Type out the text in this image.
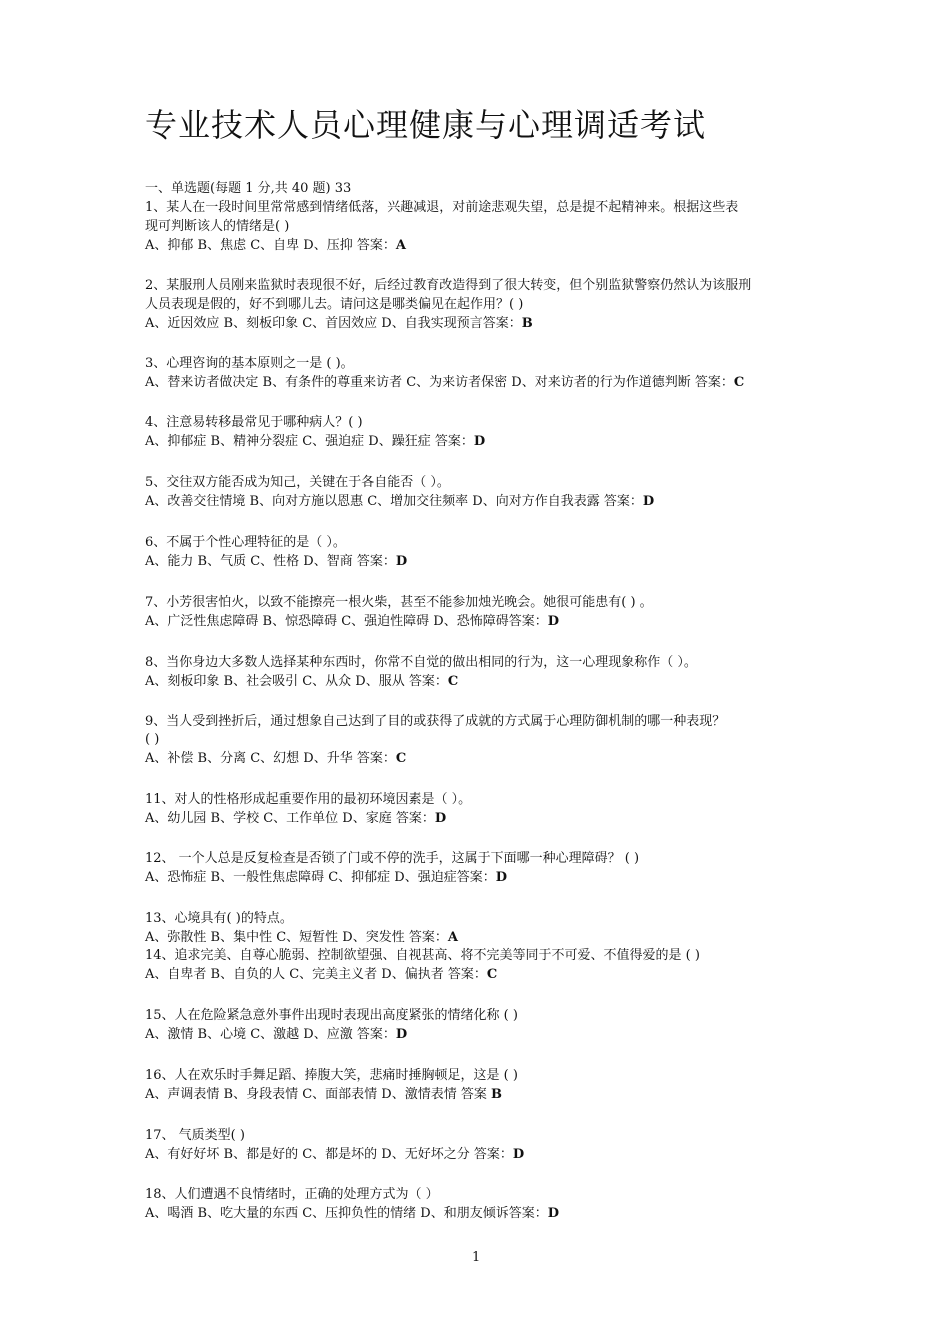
专业技术人员心理健康与心理调适考试
一、单选题(每题 1 分,共 40 题) 33
1、某人在一段时间里常常感到情绪低落，兴趣减退，对前途悲观失望，总是提不起精神来。根据这些表
现可判断该人的情绪是( )
A、抑郁 B、焦虑 C、自卑 D、压抑 答案：A
2、某服刑人员刚来监狱时表现很不好，后经过教育改造得到了很大转变，但个别监狱警察仍然认为该服刑
人员表现是假的，好不到哪儿去。请问这是哪类偏见在起作用？( )
A、近因效应 B、刻板印象 C、首因效应 D、自我实现预言答案：B
3、心理咨询的基本原则之一是 ( )。
A、替来访者做决定 B、有条件的尊重来访者 C、为来访者保密 D、对来访者的行为作道德判断 答案：C
4、注意易转移最常见于哪种病人？( )
A、抑郁症 B、精神分裂症 C、强迫症 D、躁狂症 答案：D
5、交往双方能否成为知己，关键在于各自能否（ ）。
A、改善交往情境 B、向对方施以恩惠 C、增加交往频率 D、向对方作自我表露 答案：D
6、不属于个性心理特征的是（ ）。
A、能力 B、气质 C、性格 D、智商 答案：D
7、小芳很害怕火，以致不能擦亮一根火柴，甚至不能参加烛光晚会。她很可能患有( ) 。
A、广泛性焦虑障碍 B、惊恐障碍 C、强迫性障碍 D、恐怖障碍答案：D
8、当你身边大多数人选择某种东西时，你常不自觉的做出相同的行为，这一心理现象称作（ ）。
A、刻板印象 B、社会吸引 C、从众 D、服从 答案：C
9、当人受到挫折后，通过想象自己达到了目的或获得了成就的方式属于心理防御机制的哪一种表现？
( )
A、补偿 B、分离 C、幻想 D、升华 答案：C
11、对人的性格形成起重要作用的最初环境因素是（ ）。
A、幼儿园 B、学校 C、工作单位 D、家庭 答案：D
12、 一个人总是反复检查是否锁了门或不停的洗手，这属于下面哪一种心理障碍？ ( )
A、恐怖症 B、一般性焦虑障碍 C、抑郁症 D、强迫症答案：D
13、心境具有( )的特点。
A、弥散性 B、集中性 C、短暂性 D、突发性 答案：A
14、追求完美、自尊心脆弱、控制欲望强、自视甚高、将不完美等同于不可爱、不值得爱的是 ( )
A、自卑者 B、自负的人 C、完美主义者 D、偏执者 答案：C
15、人在危险紧急意外事件出现时表现出高度紧张的情绪化称 ( )
A、激情 B、心境 C、激越 D、应激 答案：D
16、人在欢乐时手舞足蹈、捧腹大笑，悲痛时捶胸顿足，这是 ( )
A、声调表情 B、身段表情 C、面部表情 D、激情表情 答案 B
17、 气质类型( )
A、有好好坏 B、都是好的 C、都是坏的 D、无好坏之分 答案：D
18、人们遭遇不良情绪时，正确的处理方式为（ ）
A、喝酒 B、吃大量的东西 C、压抑负性的情绪 D、和朋友倾诉答案：D
1
